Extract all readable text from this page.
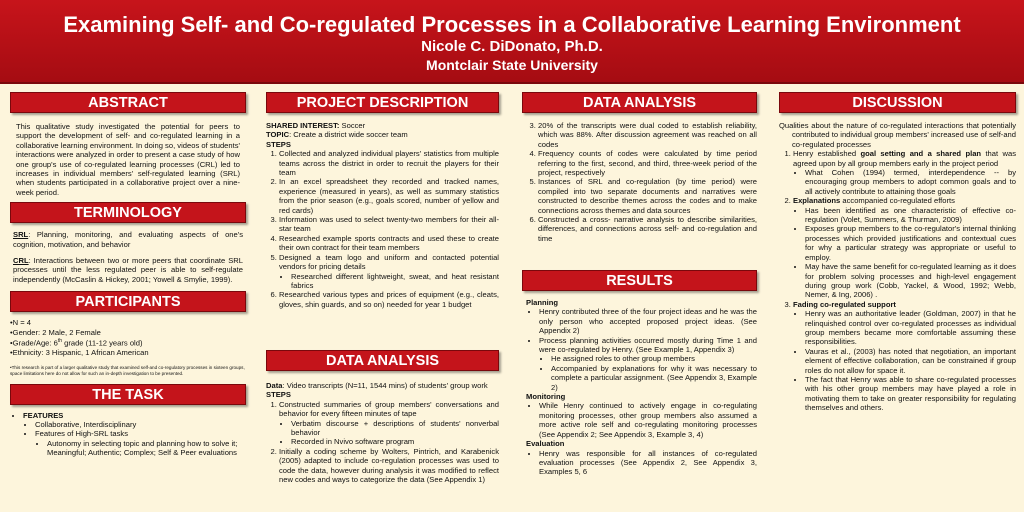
Examining Self- and Co-regulated Processes in a Collaborative Learning Environment
Nicole C. DiDonato, Ph.D.
Montclair State University
ABSTRACT
This qualitative study investigated the potential for peers to support the development of self- and co-regulated learning in a collaborative learning environment. In doing so, videos of students' interactions were analyzed in order to present a case study of how one group's use of co-regulated learning processes (CRL) led to increases in individual members' self-regulated learning (SRL) when students participated in a collaborative project over a nine-week period.
TERMINOLOGY
SRL: Planning, monitoring, and evaluating aspects of one's cognition, motivation, and behavior
CRL: Interactions between two or more peers that coordinate SRL processes until the less regulated peer is able to self-regulate independently (McCaslin & Hickey, 2001; Yowell & Smylie, 1999).
PARTICIPANTS
•N = 4
•Gender: 2 Male, 2 Female
•Grade/Age: 6th grade (11-12 years old)
•Ethnicity: 3 Hispanic, 1 African American
•This research is part of a larger qualitative study that examined self-and co-regulatory processes in sixteen groups, space limitations here do not allow for such an in-depth investigation to be presented.
THE TASK
• FEATURES
• Collaborative, Interdisciplinary
• Features of High-SRL tasks
• Autonomy in selecting topic and planning how to solve it; Meaningful; Authentic; Complex; Self & Peer evaluations
PROJECT DESCRIPTION
SHARED INTEREST: Soccer
TOPIC: Create a district wide soccer team
STEPS
1. Collected and analyzed individual players' statistics from multiple teams across the district in order to recruit the players for their team
2. In an excel spreadsheet they recorded and tracked names, experience (measured in years), as well as summary statistics from the prior season (e.g., goals scored, number of yellow and red cards)
3. Information was used to select twenty-two members for their all-star team
4. Researched example sports contracts and used these to create their own contract for their team members
5. Designed a team logo and uniform and contacted potential vendors for pricing details
• Researched different lightweight, sweat, and heat resistant fabrics
6. Researched various types and prices of equipment (e.g., cleats, gloves, shin guards, and so on) needed for year 1 budget
DATA ANALYSIS
Data: Video transcripts (N=11, 1544 mins) of students' group work
STEPS
1. Constructed summaries of group members' conversations and behavior for every fifteen minutes of tape
• Verbatim discourse + descriptions of students' nonverbal behavior
• Recorded in Nvivo software program
2. Initially a coding scheme by Wolters, Pintrich, and Karabenick (2005) adapted to include co-regulation processes was used to code the data, however during analysis it was modified to reflect new codes and ways to categorize the data (See Appendix 1)
DATA ANALYSIS
3. 20% of the transcripts were dual coded to establish reliability, which was 88%. After discussion agreement was reached on all codes
4. Frequency counts of codes were calculated by time period referring to the first, second, and third, three-week period of the project, respectively
5. Instances of SRL and co-regulation (by time period) were compiled into two separate documents and narratives were constructed to describe themes across the codes and to make connections across themes and data sources
6. Constructed a cross- narrative analysis to describe similarities, differences, and connections across self- and co-regulation and time
RESULTS
Planning
• Henry contributed three of the four project ideas and he was the only person who accepted proposed project ideas. (See Appendix 2)
• Process planning activities occurred mostly during Time 1 and were co-regulated by Henry. (See Example 1, Appendix 3)
• He assigned roles to other group members
• Accompanied by explanations for why it was necessary to complete a particular assignment. (See Appendix 3, Example 2)
Monitoring
• While Henry continued to actively engage in co-regulating monitoring processes, other group members also assumed a more active role self and co-regulating monitoring processes (See Appendix 2; See Appendix 3, Example 3, 4)
Evaluation
• Henry was responsible for all instances of co-regulated evaluation processes (See Appendix 2, See Appendix 3, Examples 5, 6
DISCUSSION
Qualities about the nature of co-regulated interactions that potentially contributed to individual group members' increased use of self-and co-regulated processes
1. Henry established goal setting and a shared plan that was agreed upon by all group members early in the project period
• What Cohen (1994) termed, interdependence -- by encouraging group members to adopt common goals and to all actively contribute to attaining those goals
2. Explanations accompanied co-regulated efforts
• Has been identified as one characteristic of effective co-regulation (Volet, Summers, & Thurman, 2009)
• Exposes group members to the co-regulator's internal thinking processes which provided justifications and contextual cues for why a particular strategy was appropriate or useful to employ.
• May have the same benefit for co-regulated learning as it does for problem solving processes and high-level engagement during group work (Cobb, Yackel, & Wood, 1992; Webb, Nemer, & Ing, 2006) .
3. Fading co-regulated support
• Henry was an authoritative leader (Goldman, 2007) in that he relinquished control over co-regulated processes as individual group members became more comfortable assuming these responsibilities.
• Vauras et al., (2003) has noted that negotiation, an important element of effective collaboration, can be constrained if group roles do not allow for space it.
• The fact that Henry was able to share co-regulated processes with his other group members may have played a role in motivating them to take on greater responsibility for regulating themselves and others.
